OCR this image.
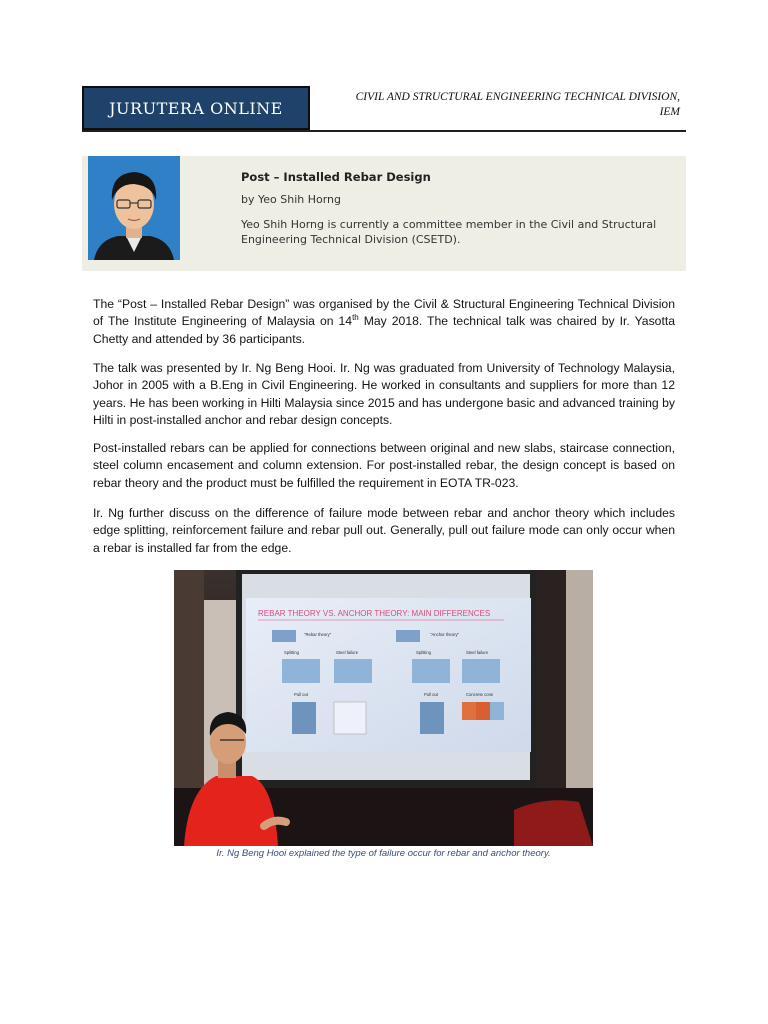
JURUTERA ONLINE
CIVIL AND STRUCTURAL ENGINEERING TECHNICAL DIVISION,
IEM
Post – Installed Rebar Design
by Yeo Shih Horng
Yeo Shih Horng is currently a committee member in the Civil and Structural Engineering Technical Division (CSETD).
The “Post – Installed Rebar Design” was organised by the Civil & Structural Engineering Technical Division of The Institute Engineering of Malaysia on 14th May 2018. The technical talk was chaired by Ir. Yasotta Chetty and attended by 36 participants.
The talk was presented by Ir. Ng Beng Hooi. Ir. Ng was graduated from University of Technology Malaysia, Johor in 2005 with a B.Eng in Civil Engineering. He worked in consultants and suppliers for more than 12 years. He has been working in Hilti Malaysia since 2015 and has undergone basic and advanced training by Hilti in post-installed anchor and rebar design concepts.
Post-installed rebars can be applied for connections between original and new slabs, staircase connection, steel column encasement and column extension. For post-installed rebar, the design concept is based on rebar theory and the product must be fulfilled the requirement in EOTA TR-023.
Ir. Ng further discuss on the difference of failure mode between rebar and anchor theory which includes edge splitting, reinforcement failure and rebar pull out. Generally, pull out failure mode can only occur when a rebar is installed far from the edge.
REBAR THEORY VS. ANCHOR THEORY: MAIN DIFFERENCES
"Rebar theory"
Splitting	Steel failure
Pull out
"Anchor theory"
Splitting	Steel failure
Pull out	Concrete cone
Ir. Ng Beng Hooi explained the type of failure occur for rebar and anchor theory.
